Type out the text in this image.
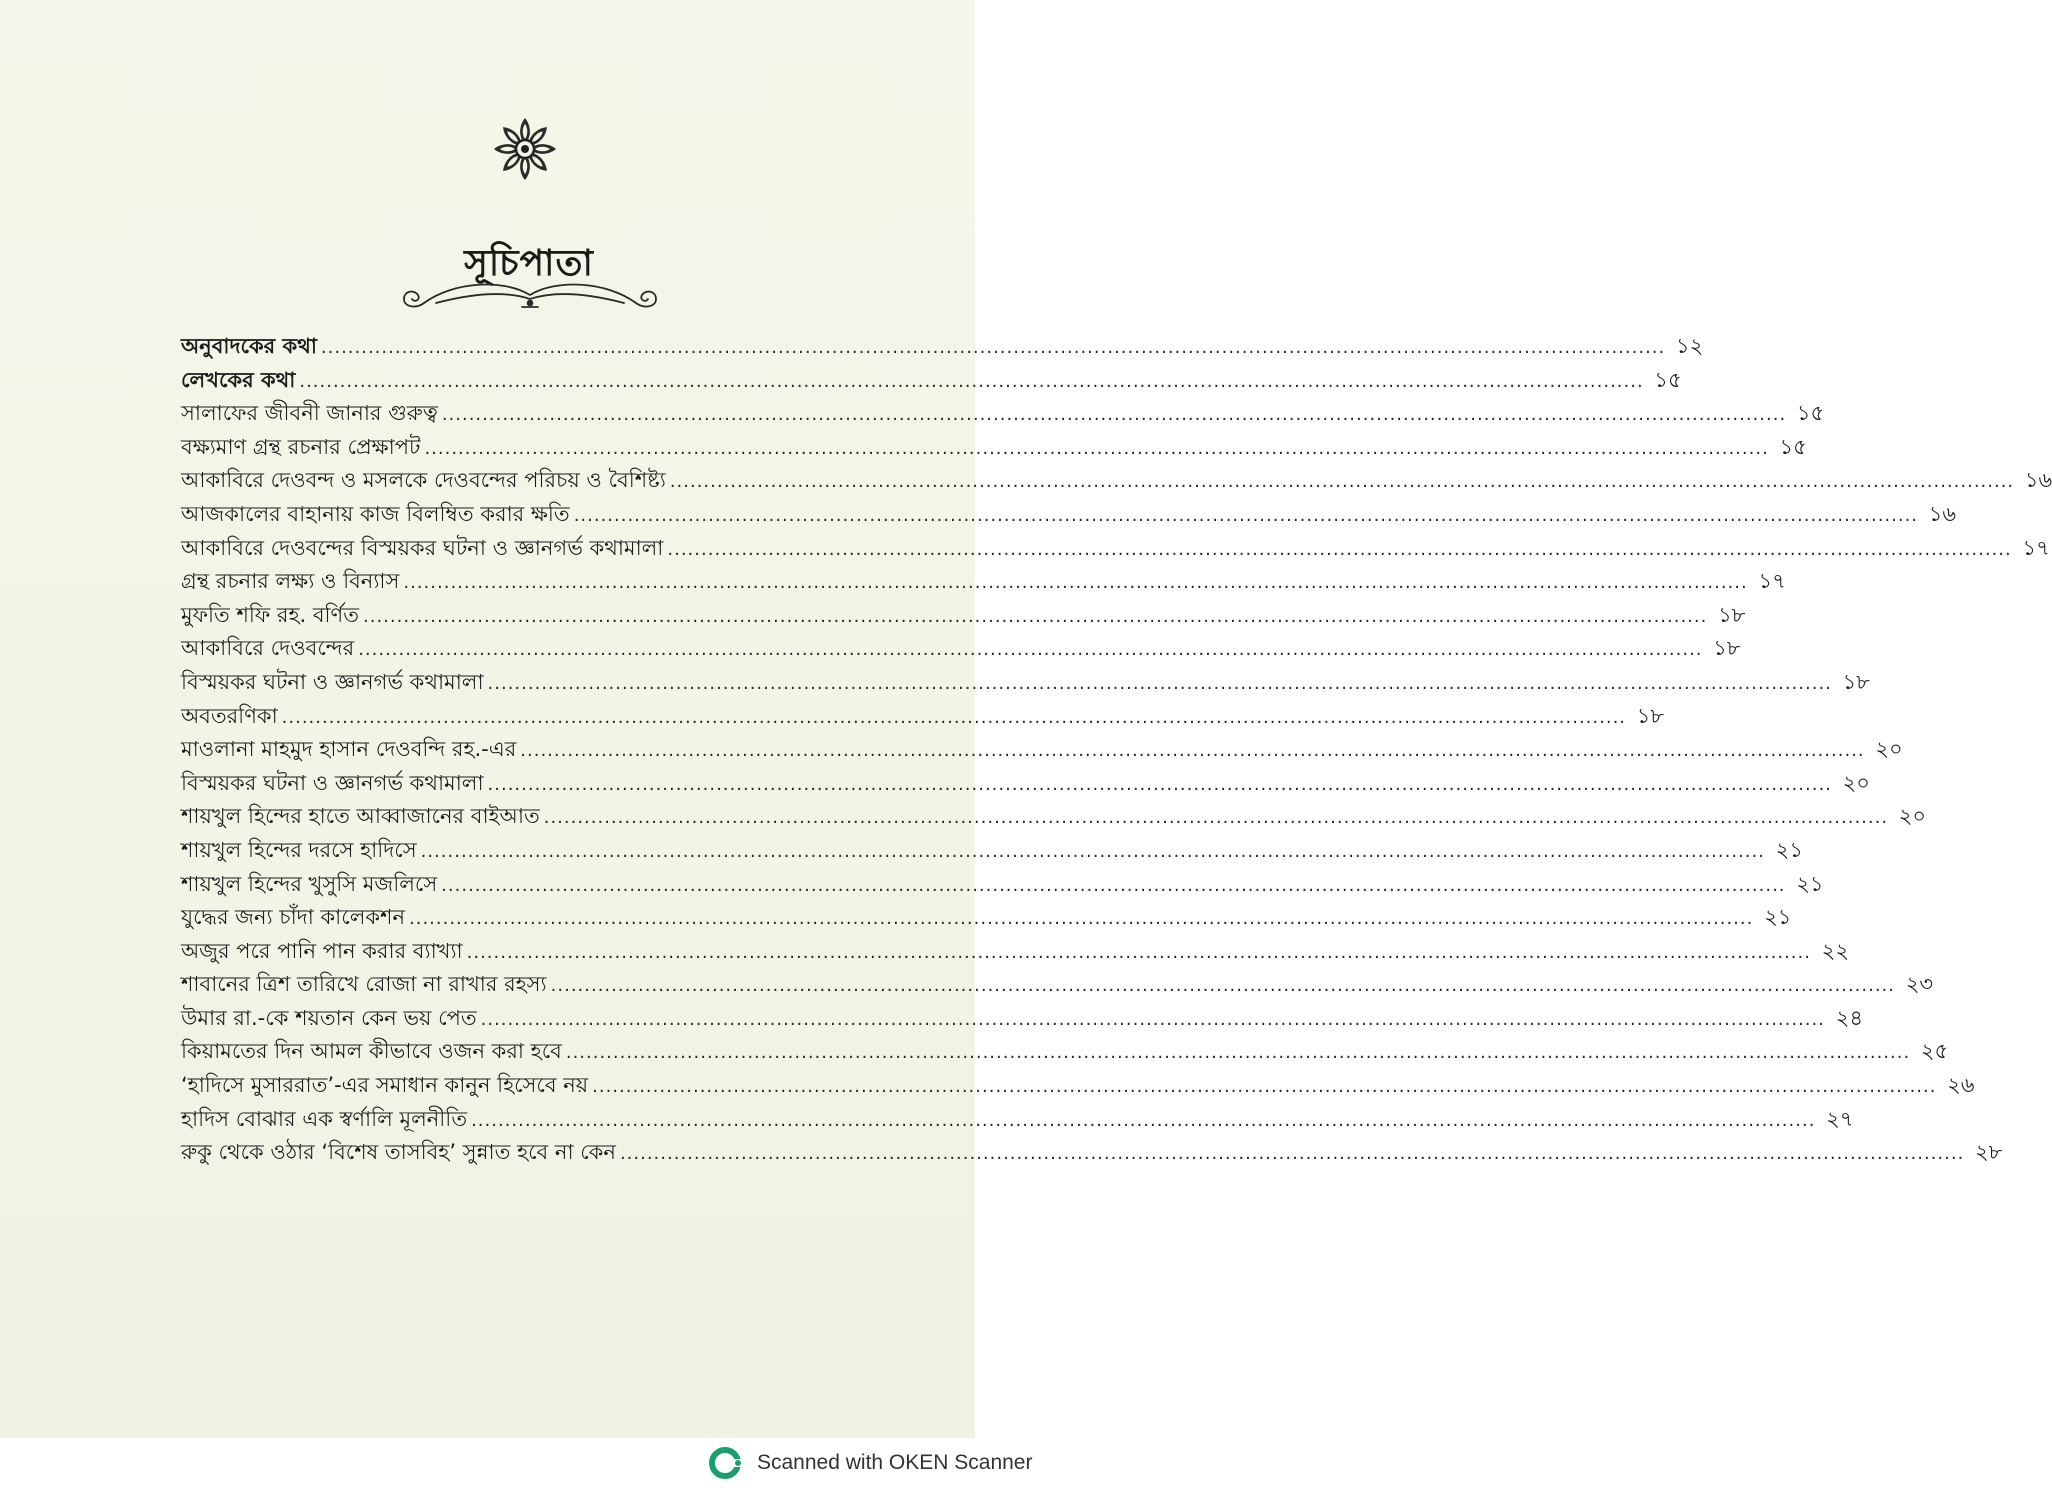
সূচিপাতা
অনুবাদকের কথা ........................................................................................................................................................................................................ ১২
লেখকের কথা ........................................................................................................................................................................................................ ১৫
সালাফের জীবনী জানার গুরুত্ব ........................................................................................................................................................................................................ ১৫
বক্ষ্যমাণ গ্রন্থ রচনার প্রেক্ষাপট ........................................................................................................................................................................................................ ১৫
আকাবিরে দেওবন্দ ও মসলকে দেওবন্দের পরিচয় ও বৈশিষ্ট্য ........................................................................................................................................................................................................ ১৬
আজকালের বাহানায় কাজ বিলম্বিত করার ক্ষতি ........................................................................................................................................................................................................ ১৬
আকাবিরে দেওবন্দের বিস্ময়কর ঘটনা ও জ্ঞানগর্ভ কথামালা ........................................................................................................................................................................................................ ১৭
গ্রন্থ রচনার লক্ষ্য ও বিন্যাস ........................................................................................................................................................................................................ ১৭
মুফতি শফি রহ. বর্ণিত ........................................................................................................................................................................................................ ১৮
আকাবিরে দেওবন্দের ........................................................................................................................................................................................................ ১৮
বিস্ময়কর ঘটনা ও জ্ঞানগর্ভ কথামালা ........................................................................................................................................................................................................ ১৮
অবতরণিকা ........................................................................................................................................................................................................ ১৮
মাওলানা মাহমুদ হাসান দেওবন্দি রহ.-এর ........................................................................................................................................................................................................ ২০
বিস্ময়কর ঘটনা ও জ্ঞানগর্ভ কথামালা ........................................................................................................................................................................................................ ২০
শায়খুল হিন্দের হাতে আব্বাজানের বাইআত ........................................................................................................................................................................................................ ২০
শায়খুল হিন্দের দরসে হাদিসে ........................................................................................................................................................................................................ ২১
শায়খুল হিন্দের খুসুসি মজলিসে ........................................................................................................................................................................................................ ২১
যুদ্ধের জন্য চাঁদা কালেকশন ........................................................................................................................................................................................................ ২১
অজুর পরে পানি পান করার ব্যাখ্যা ........................................................................................................................................................................................................ ২২
শাবানের ত্রিশ তারিখে রোজা না রাখার রহস্য ........................................................................................................................................................................................................ ২৩
উমার রা.-কে শয়তান কেন ভয় পেত ........................................................................................................................................................................................................ ২৪
কিয়ামতের দিন আমল কীভাবে ওজন করা হবে ........................................................................................................................................................................................................ ২৫
‘হাদিসে মুসাররাত’-এর সমাধান কানুন হিসেবে নয় ........................................................................................................................................................................................................ ২৬
হাদিস বোঝার এক স্বর্ণালি মূলনীতি ........................................................................................................................................................................................................ ২৭
রুকু থেকে ওঠার ‘বিশেষ তাসবিহ’ সুন্নাত হবে না কেন ........................................................................................................................................................................................................ ২৮
Scanned with OKEN Scanner
